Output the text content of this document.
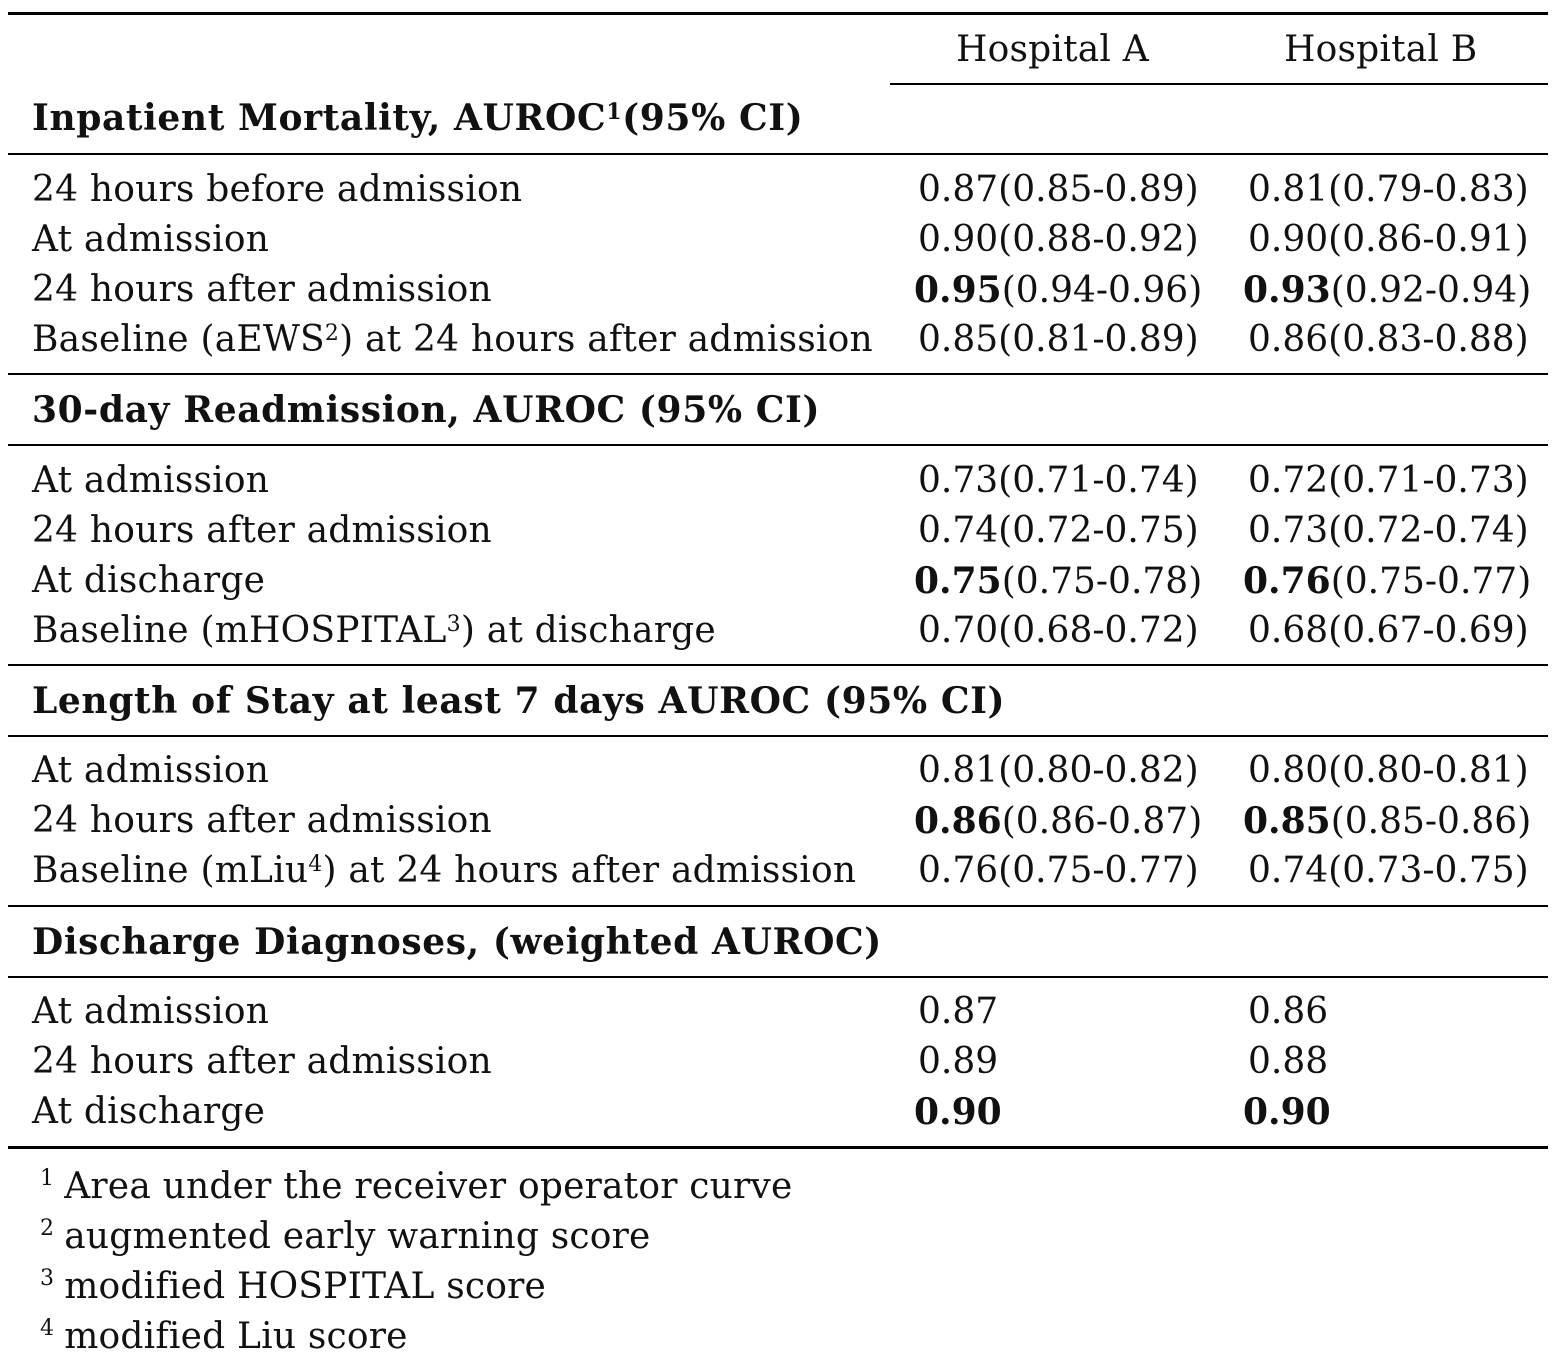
Hospital A	Hospital B
Inpatient Mortality, AUROC$^1$(95% CI)
24 hours before admission	0.87(0.85-0.89) 0.81(0.79-0.83)
At admission	0.90(0.88-0.92) 0.90(0.86-0.91)
24 hours after admission	0.95(0.94-0.96) 0.93(0.92-0.94)
Baseline (aEWS$^2$) at 24 hours after admission 0.85(0.81-0.89) 0.86(0.83-0.88)
30-day Readmission, AUROC (95% CI)
At admission	0.73(0.71-0.74) 0.72(0.71-0.73)
24 hours after admission	0.74(0.72-0.75) 0.73(0.72-0.74)
At discharge	0.75(0.75-0.78) 0.76(0.75-0.77)
Baseline (mHOSPITAL$^3$) at discharge	0.70(0.68-0.72) 0.68(0.67-0.69)
Length of Stay at least 7 days AUROC (95% CI)
At admission	0.81(0.80-0.82) 0.80(0.80-0.81)
24 hours after admission	0.86(0.86-0.87) 0.85(0.85-0.86)
Baseline (mLiu$^4$) at 24 hours after admission 0.76(0.75-0.77) 0.74(0.73-0.75)
Discharge Diagnoses, (weighted AUROC)
At admission	0.87	0.86
24 hours after admission	0.89	0.88
At discharge	0.90	0.90
$^1$ Area under the receiver operator curve
$^2$ augmented early warning score
$^3$ modified HOSPITAL score
$^4$ modified Liu score
